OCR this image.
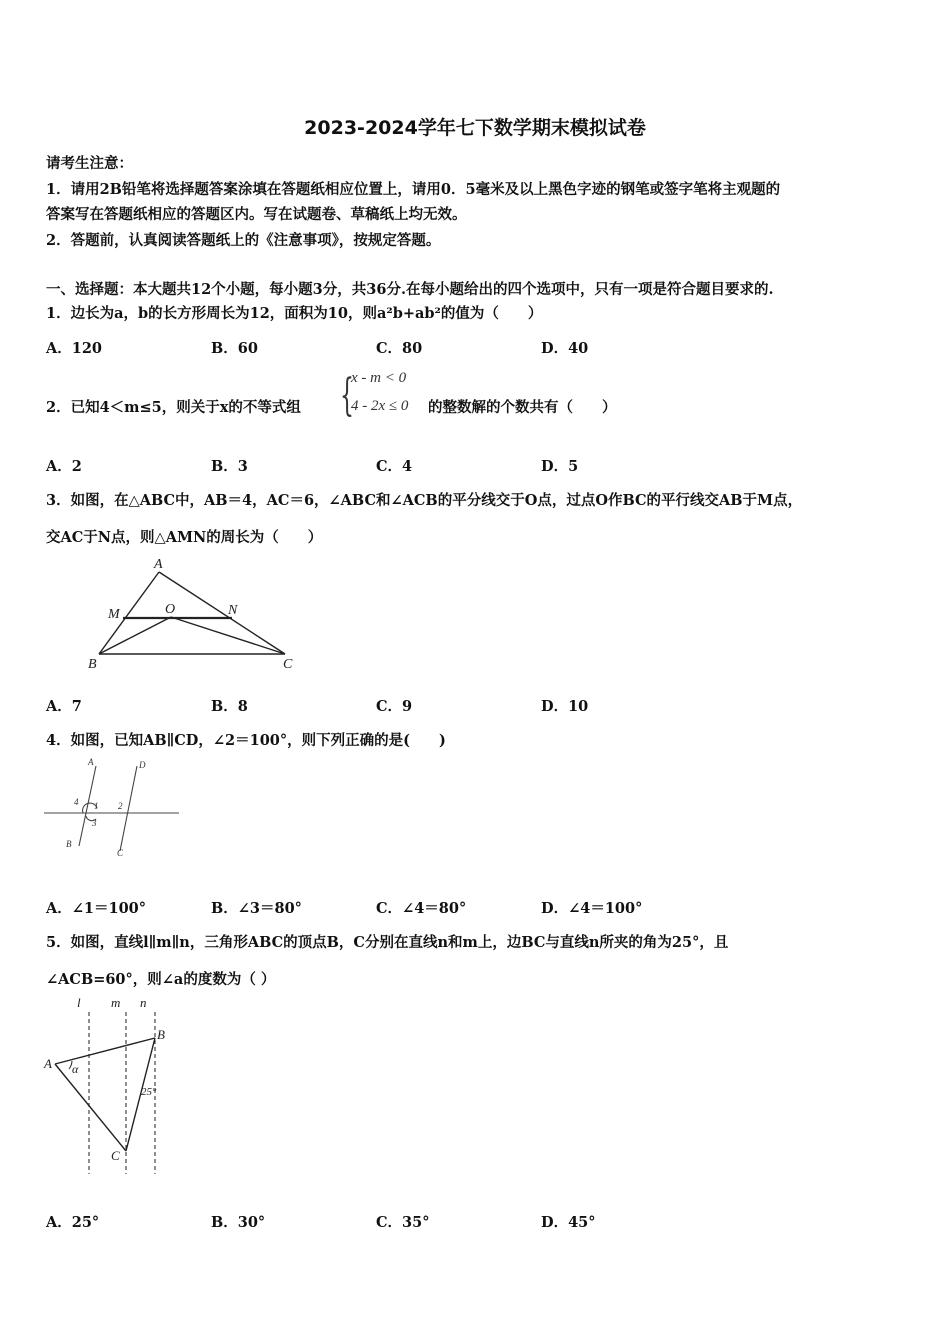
2023-2024学年七下数学期末模拟试卷
请考生注意：
1．请用2B铅笔将选择题答案涂填在答题纸相应位置上，请用0．5毫米及以上黑色字迹的钢笔或签字笔将主观题的
答案写在答题纸相应的答题区内。写在试题卷、草稿纸上均无效。
2．答题前，认真阅读答题纸上的《注意事项》，按规定答题。
一、选择题：本大题共12个小题，每小题3分，共36分.在每小题给出的四个选项中，只有一项是符合题目要求的.
1．边长为a，b的长方形周长为12，面积为10，则a²b+ab²的值为（　　）
A．120	B．60	C．80	D．40
2．已知4＜m≤5，则关于x的不等式组 {
x - m < 0
4 - 2x ≤ 0 的整数解的个数共有（　　）
A．2	B．3	C．4	D．5
3．如图，在△ABC中，AB＝4，AC＝6，∠ABC和∠ACB的平分线交于O点，过点O作BC的平行线交AB于M点，
交AC于N点，则△AMN的周长为（　　）
A
M	O	N
B	C
A．7	B．8	C．9	D．10
4．如图，已知AB∥CD，∠2＝100°，则下列正确的是(　　)
A
B
D
C
1 2
3
4
A．∠1＝100°	B．∠3＝80°	C．∠4＝80°	D．∠4＝100°
5．如图，直线l∥m∥n，三角形ABC的顶点B，C分别在直线n和m上，边BC与直线n所夹的角为25°，且
∠ACB=60°，则∠a的度数为（ ）
l m n
A
B
C
α
25°
A．25°	B．30°	C．35°	D．45°
